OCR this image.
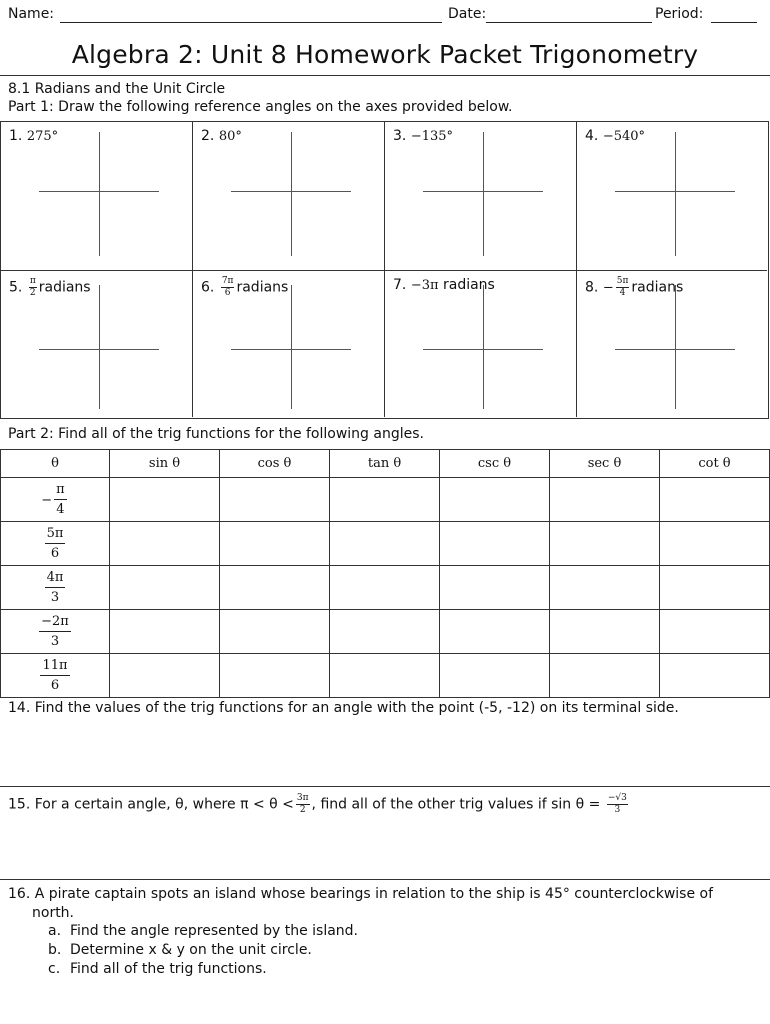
Name:	Date:	Period:
Algebra 2: Unit 8 Homework Packet Trigonometry
8.1 Radians and the Unit Circle
Part 1: Draw the following reference angles on the axes provided below.
1. 275°	2. 80°	3. −135°	4. −540°
5. $\frac{\pi}{2}$ radians	6. $\frac{7\pi}{6}$ radians	7. −3π radians	8. − $\frac{5\pi}{4}$ radians
Part 2: Find all of the trig functions for the following angles.
θ	sin θ	cos θ	tan θ	csc θ	sec θ	cot θ
− $\frac{\pi}{4}$

$\frac{5\pi}{6}$

$\frac{4\pi}{3}$

$\frac{-2\pi}{3}$

$\frac{11\pi}{6}$

14. Find the values of the trig functions for an angle with the point (-5, -12) on its terminal side.
15. For a certain angle, θ, where $\pi < \theta < \frac{3\pi}{2}$ , find all of the other trig values if $\sin \theta = \frac{-√3}{3}$
16. A pirate captain spots an island whose bearings in relation to the ship is 45° counterclockwise of
north.
a. Find the angle represented by the island.
b. Determine x & y on the unit circle.
c. Find all of the trig functions.
